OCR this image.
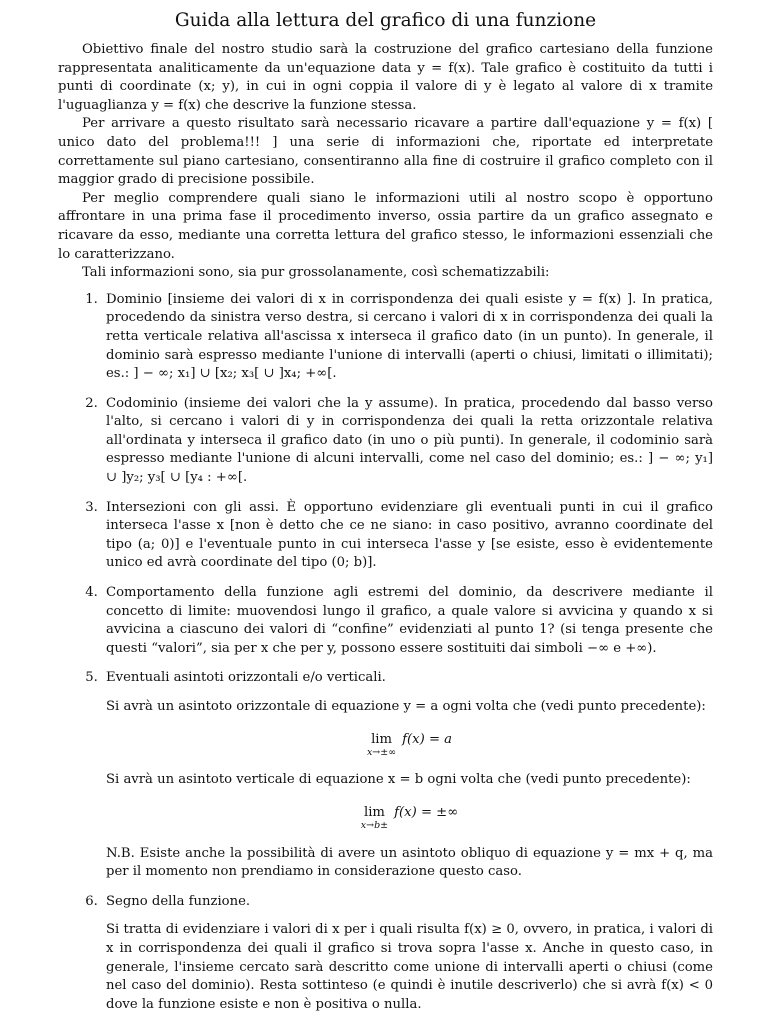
Guida alla lettura del grafico di una funzione

Obiettivo finale del nostro studio sarà la costruzione del grafico cartesiano della funzione rappresentata analiticamente da un'equazione data y = f(x). Tale grafico è costituito da tutti i punti di coordinate (x; y), in cui in ogni coppia il valore di y è legato al valore di x tramite l'uguaglianza y = f(x) che descrive la funzione stessa.

Per arrivare a questo risultato sarà necessario ricavare a partire dall'equazione y = f(x) [ unico dato del problema!!! ] una serie di informazioni che, riportate ed interpretate correttamente sul piano cartesiano, consentiranno alla fine di costruire il grafico completo con il maggior grado di precisione possibile.

Per meglio comprendere quali siano le informazioni utili al nostro scopo è opportuno affrontare in una prima fase il procedimento inverso, ossia partire da un grafico assegnato e ricavare da esso, mediante una corretta lettura del grafico stesso, le informazioni essenziali che lo caratterizzano.

Tali informazioni sono, sia pur grossolanamente, così schematizzabili:

1. Dominio [insieme dei valori di x in corrispondenza dei quali esiste y = f(x) ]. In pratica, procedendo da sinistra verso destra, si cercano i valori di x in corrispondenza dei quali la retta verticale relativa all'ascissa x interseca il grafico dato (in un punto). In generale, il dominio sarà espresso mediante l'unione di intervalli (aperti o chiusi, limitati o illimitati); es.: ] − ∞; x₁] ∪ [x₂; x₃[ ∪ ]x₄; +∞[.
2. Codominio (insieme dei valori che la y assume). In pratica, procedendo dal basso verso l'alto, si cercano i valori di y in corrispondenza dei quali la retta orizzontale relativa all'ordinata y interseca il grafico dato (in uno o più punti). In generale, il codominio sarà espresso mediante l'unione di alcuni intervalli, come nel caso del dominio; es.: ] − ∞; y₁] ∪ ]y₂; y₃[ ∪ [y₄ : +∞[.
3. Intersezioni con gli assi. È opportuno evidenziare gli eventuali punti in cui il grafico interseca l'asse x [non è detto che ce ne siano: in caso positivo, avranno coordinate del tipo (a; 0)] e l'eventuale punto in cui interseca l'asse y [se esiste, esso è evidentemente unico ed avrà coordinate del tipo (0; b)].
4. Comportamento della funzione agli estremi del dominio, da descrivere mediante il concetto di limite: muovendosi lungo il grafico, a quale valore si avvicina y quando x si avvicina a ciascuno dei valori di “confine” evidenziati al punto 1? (si tenga presente che questi “valori”, sia per x che per y, possono essere sostituiti dai simboli −∞ e +∞).
5. Eventuali asintoti orizzontali e/o verticali.
Si avrà un asintoto orizzontale di equazione y = a ogni volta che (vedi punto precedente):
lim
x→±∞
f(x) = a
Si avrà un asintoto verticale di equazione x = b ogni volta che (vedi punto precedente):
lim
x→b±
f(x) = ±∞
N.B. Esiste anche la possibilità di avere un asintoto obliquo di equazione y = mx + q, ma per il momento non prendiamo in considerazione questo caso.
6. Segno della funzione.
Si tratta di evidenziare i valori di x per i quali risulta f(x) ≥ 0, ovvero, in pratica, i valori di x in corrispondenza dei quali il grafico si trova sopra l'asse x. Anche in questo caso, in generale, l'insieme cercato sarà descritto come unione di intervalli aperti o chiusi (come nel caso del dominio). Resta sottinteso (e quindi è inutile descriverlo) che si avrà f(x) < 0 dove la funzione esiste e non è positiva o nulla.
